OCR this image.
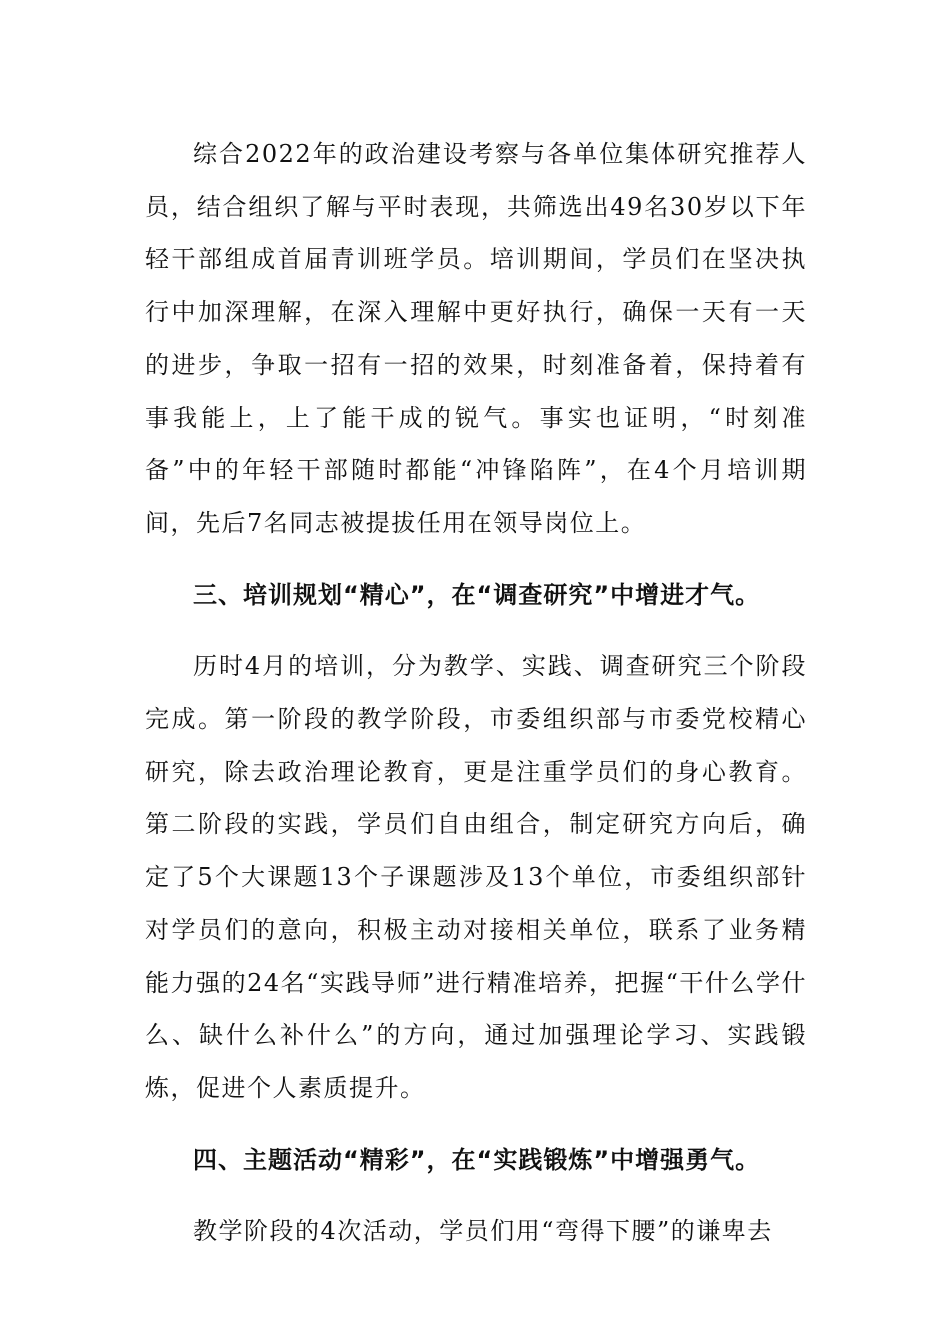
综合2022年的政治建设考察与各单位集体研究推荐人员，结合组织了解与平时表现，共筛选出49名30岁以下年轻干部组成首届青训班学员。培训期间，学员们在坚决执行中加深理解，在深入理解中更好执行，确保一天有一天的进步，争取一招有一招的效果，时刻准备着，保持着有事我能上，上了能干成的锐气。事实也证明，“时刻准备”中的年轻干部随时都能“冲锋陷阵”，在4个月培训期间，先后7名同志被提拔任用在领导岗位上。

三、培训规划“精心”，在“调查研究”中增进才气。

历时4月的培训，分为教学、实践、调查研究三个阶段完成。第一阶段的教学阶段，市委组织部与市委党校精心研究，除去政治理论教育，更是注重学员们的身心教育。第二阶段的实践，学员们自由组合，制定研究方向后，确定了5个大课题13个子课题涉及13个单位，市委组织部针对学员们的意向，积极主动对接相关单位，联系了业务精能力强的24名“实践导师”进行精准培养，把握“干什么学什么、缺什么补什么”的方向，通过加强理论学习、实践锻炼，促进个人素质提升。

四、主题活动“精彩”，在“实践锻炼”中增强勇气。

教学阶段的4次活动，学员们用“弯得下腰”的谦卑去
